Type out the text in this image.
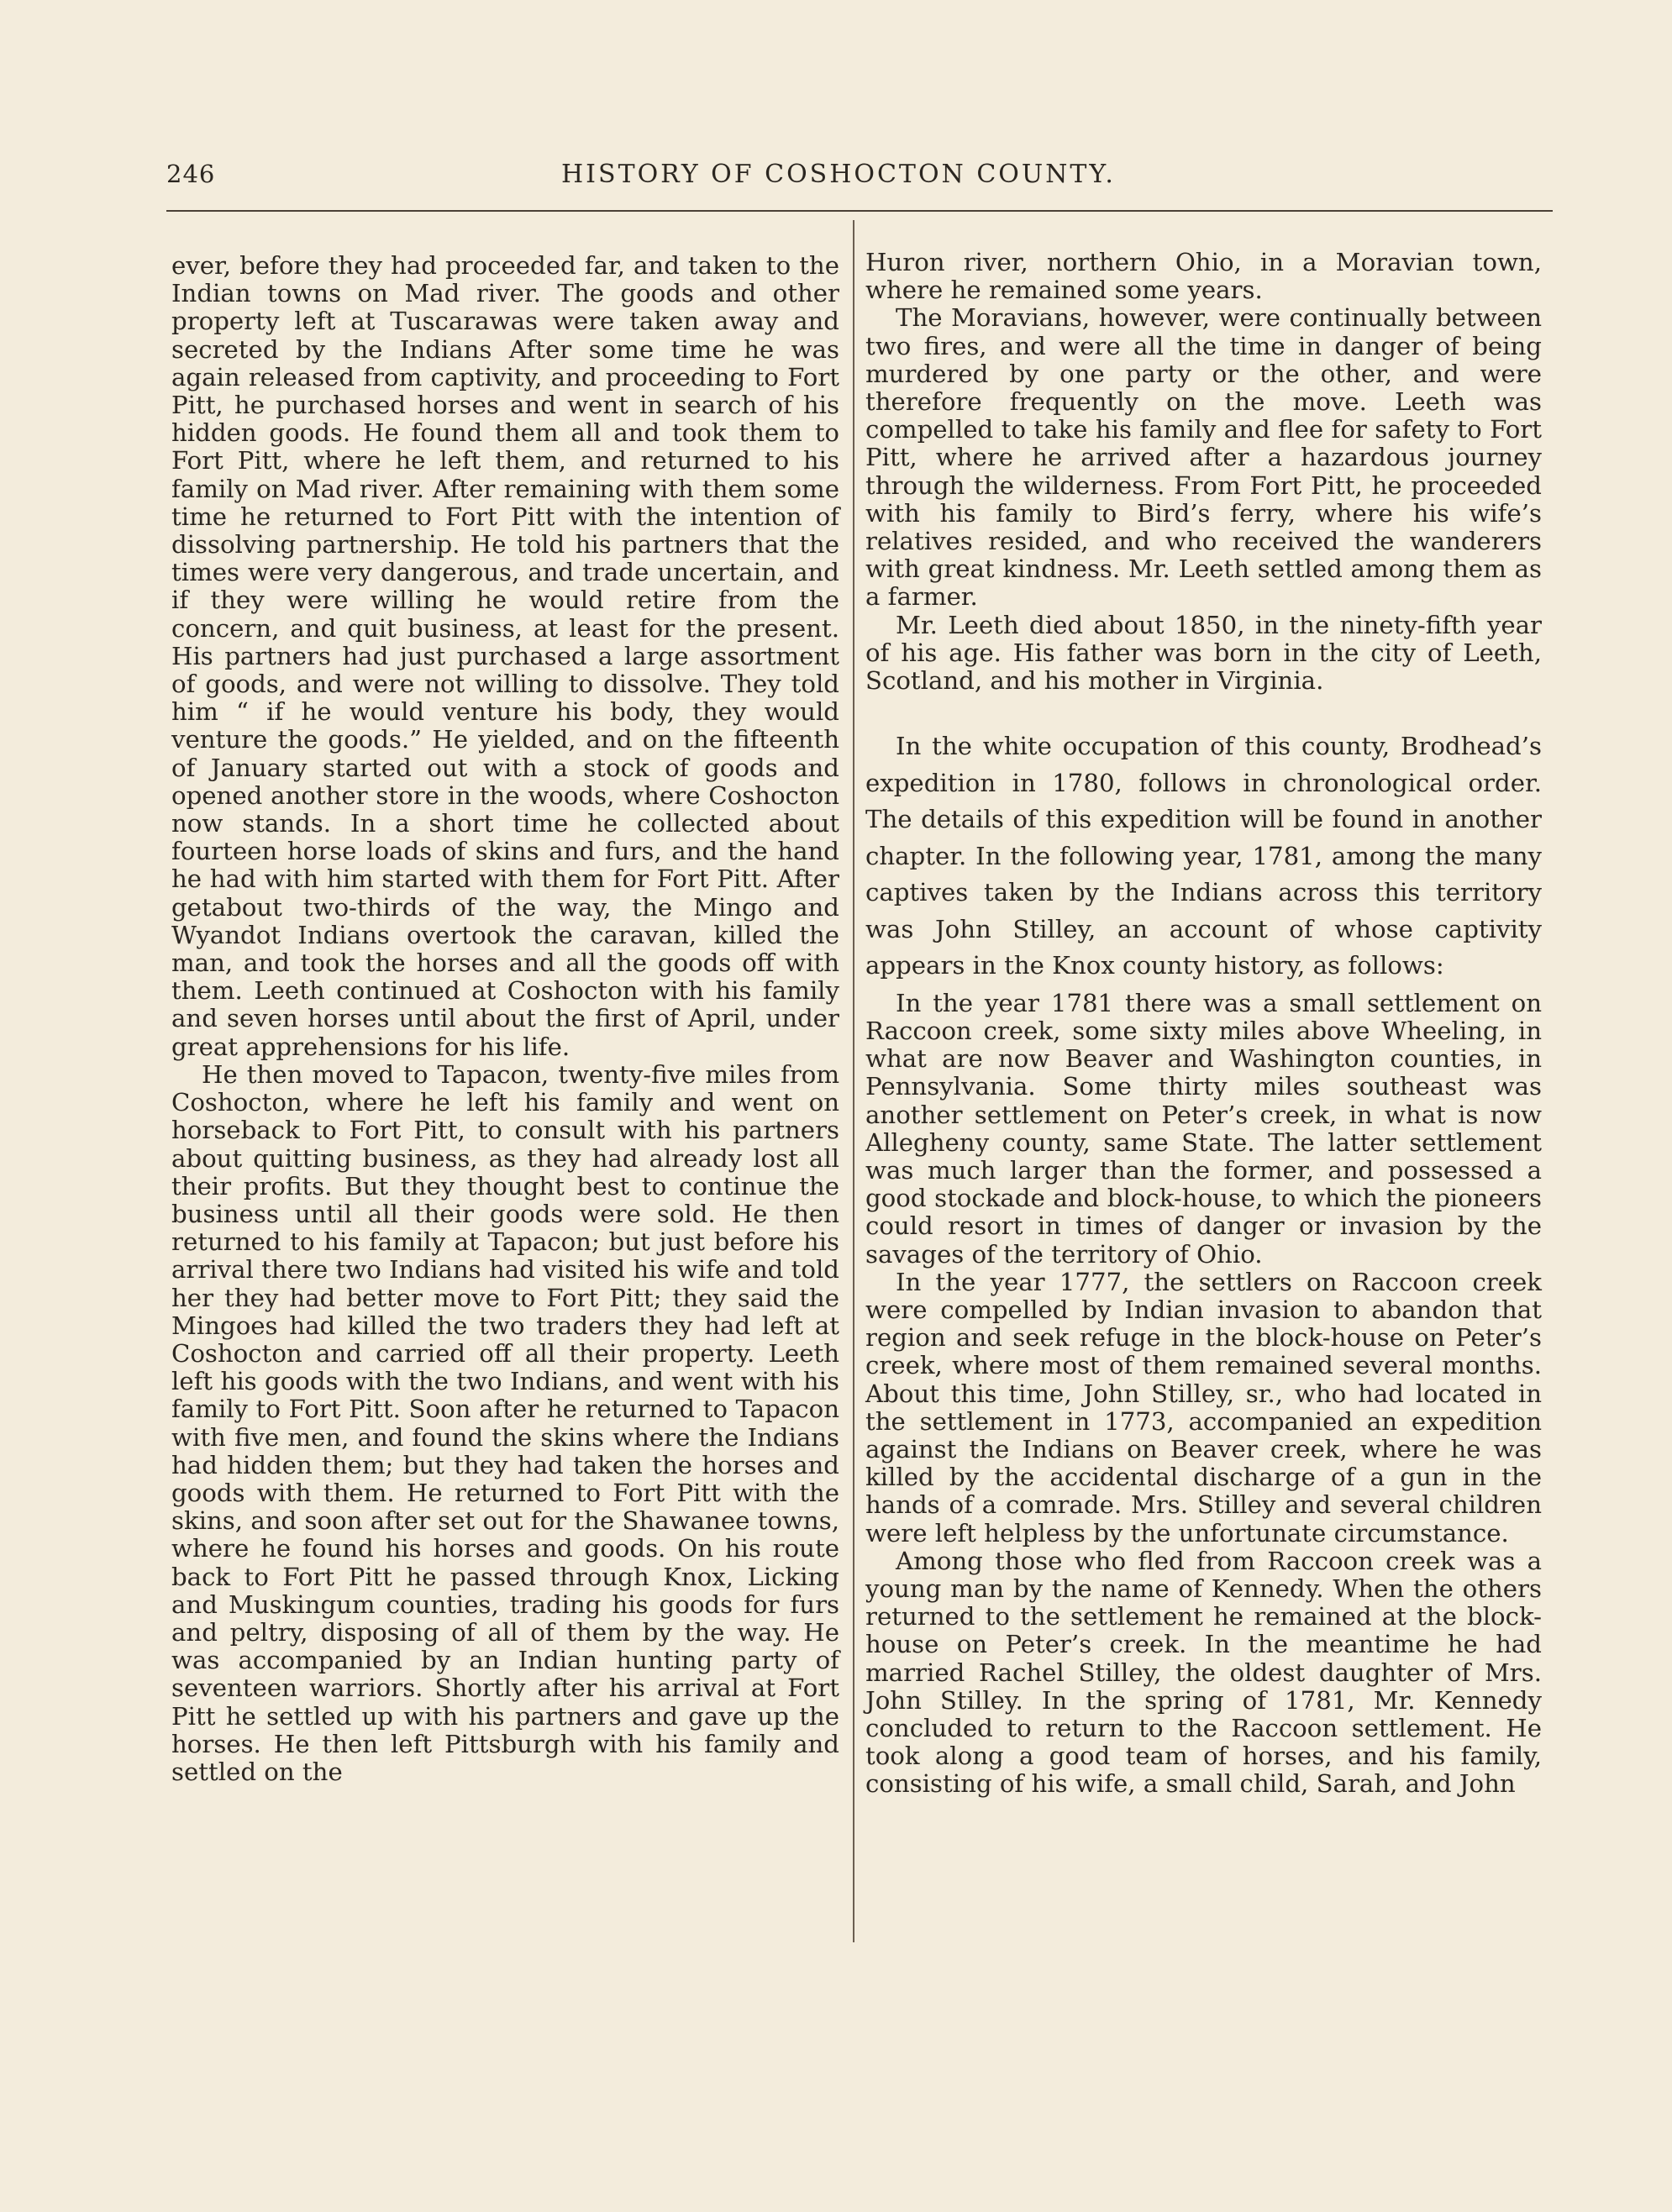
246	HISTORY OF COSHOCTON COUNTY.

ever, before they had proceeded far, and taken to the Indian towns on Mad river. The goods and other property left at Tuscarawas were taken away and secreted by the Indians After some time he was again released from captivity, and proceeding to Fort Pitt, he purchased horses and went in search of his hidden goods. He found them all and took them to Fort Pitt, where he left them, and returned to his family on Mad river. After remaining with them some time he returned to Fort Pitt with the intention of dissolving partnership. He told his partners that the times were very dangerous, and trade uncertain, and if they were willing he would retire from the concern, and quit business, at least for the present. His partners had just purchased a large assortment of goods, and were not willing to dissolve. They told him “ if he would venture his body, they would venture the goods.” He yielded, and on the fifteenth of January started out with a stock of goods and opened another store in the woods, where Coshocton now stands. In a short time he collected about fourteen horse loads of skins and furs, and the hand he had with him started with them for Fort Pitt. After getabout two-thirds of the way, the Mingo and Wyandot Indians overtook the caravan, killed the man, and took the horses and all the goods off with them. Leeth continued at Coshocton with his family and seven horses until about the first of April, under great apprehensions for his life.

He then moved to Tapacon, twenty-five miles from Coshocton, where he left his family and went on horseback to Fort Pitt, to consult with his partners about quitting business, as they had already lost all their profits. But they thought best to continue the business until all their goods were sold. He then returned to his family at Tapacon; but just before his arrival there two Indians had visited his wife and told her they had better move to Fort Pitt; they said the Mingoes had killed the two traders they had left at Coshocton and carried off all their property. Leeth left his goods with the two Indians, and went with his family to Fort Pitt. Soon after he returned to Tapacon with five men, and found the skins where the Indians had hidden them; but they had taken the horses and goods with them. He returned to Fort Pitt with the skins, and soon after set out for the Shawanee towns, where he found his horses and goods. On his route back to Fort Pitt he passed through Knox, Licking and Muskingum counties, trading his goods for furs and peltry, disposing of all of them by the way. He was accompanied by an Indian hunting party of seventeen warriors. Shortly after his arrival at Fort Pitt he settled up with his partners and gave up the horses. He then left Pittsburgh with his family and settled on the

Huron river, northern Ohio, in a Moravian town, where he remained some years.

The Moravians, however, were continually between two fires, and were all the time in danger of being murdered by one party or the other, and were therefore frequently on the move. Leeth was compelled to take his family and flee for safety to Fort Pitt, where he arrived after a hazardous journey through the wilderness. From Fort Pitt, he proceeded with his family to Bird’s ferry, where his wife’s relatives resided, and who received the wanderers with great kindness. Mr. Leeth settled among them as a farmer.

Mr. Leeth died about 1850, in the ninety-fifth year of his age. His father was born in the city of Leeth, Scotland, and his mother in Virginia.

In the white occupation of this county, Brodhead’s expedition in 1780, follows in chronological order. The details of this expedition will be found in another chapter. In the following year, 1781, among the many captives taken by the Indians across this territory was John Stilley, an account of whose captivity appears in the Knox county history, as follows:

In the year 1781 there was a small settlement on Raccoon creek, some sixty miles above Wheeling, in what are now Beaver and Washington counties, in Pennsylvania. Some thirty miles southeast was another settlement on Peter’s creek, in what is now Allegheny county, same State. The latter settlement was much larger than the former, and possessed a good stockade and block-house, to which the pioneers could resort in times of danger or invasion by the savages of the territory of Ohio.

In the year 1777, the settlers on Raccoon creek were compelled by Indian invasion to abandon that region and seek refuge in the block-house on Peter’s creek, where most of them remained several months. About this time, John Stilley, sr., who had located in the settlement in 1773, accompanied an expedition against the Indians on Beaver creek, where he was killed by the accidental discharge of a gun in the hands of a comrade. Mrs. Stilley and several children were left helpless by the unfortunate circumstance.

Among those who fled from Raccoon creek was a young man by the name of Kennedy. When the others returned to the settlement he remained at the block-house on Peter’s creek. In the meantime he had married Rachel Stilley, the oldest daughter of Mrs. John Stilley. In the spring of 1781, Mr. Kennedy concluded to return to the Raccoon settlement. He took along a good team of horses, and his family, consisting of his wife, a small child, Sarah, and John
